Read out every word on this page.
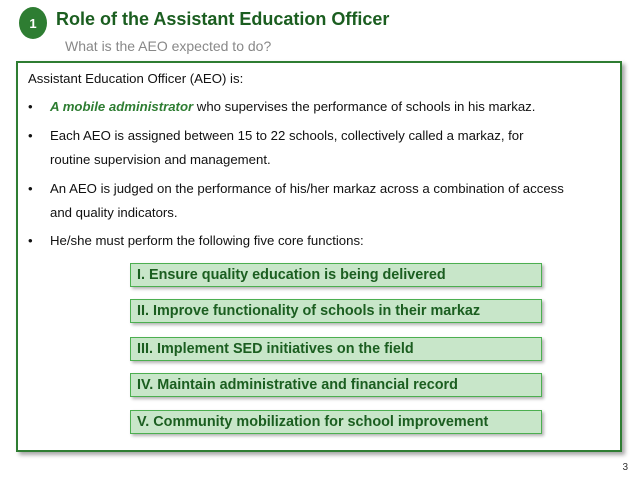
1	Role of the Assistant Education Officer
What is the AEO expected to do?
Assistant Education Officer (AEO) is:
• A mobile administrator who supervises the performance of schools in his markaz.
• Each AEO is assigned between 15 to 22 schools, collectively called a markaz, for
routine supervision and management.
• An AEO is judged on the performance of his/her markaz across a combination of access
and quality indicators.
• He/she must perform the following five core functions:
I. Ensure quality education is being delivered
II. Improve functionality of schools in their markaz
III. Implement SED initiatives on the field
IV. Maintain administrative and financial record
V. Community mobilization for school improvement
3
